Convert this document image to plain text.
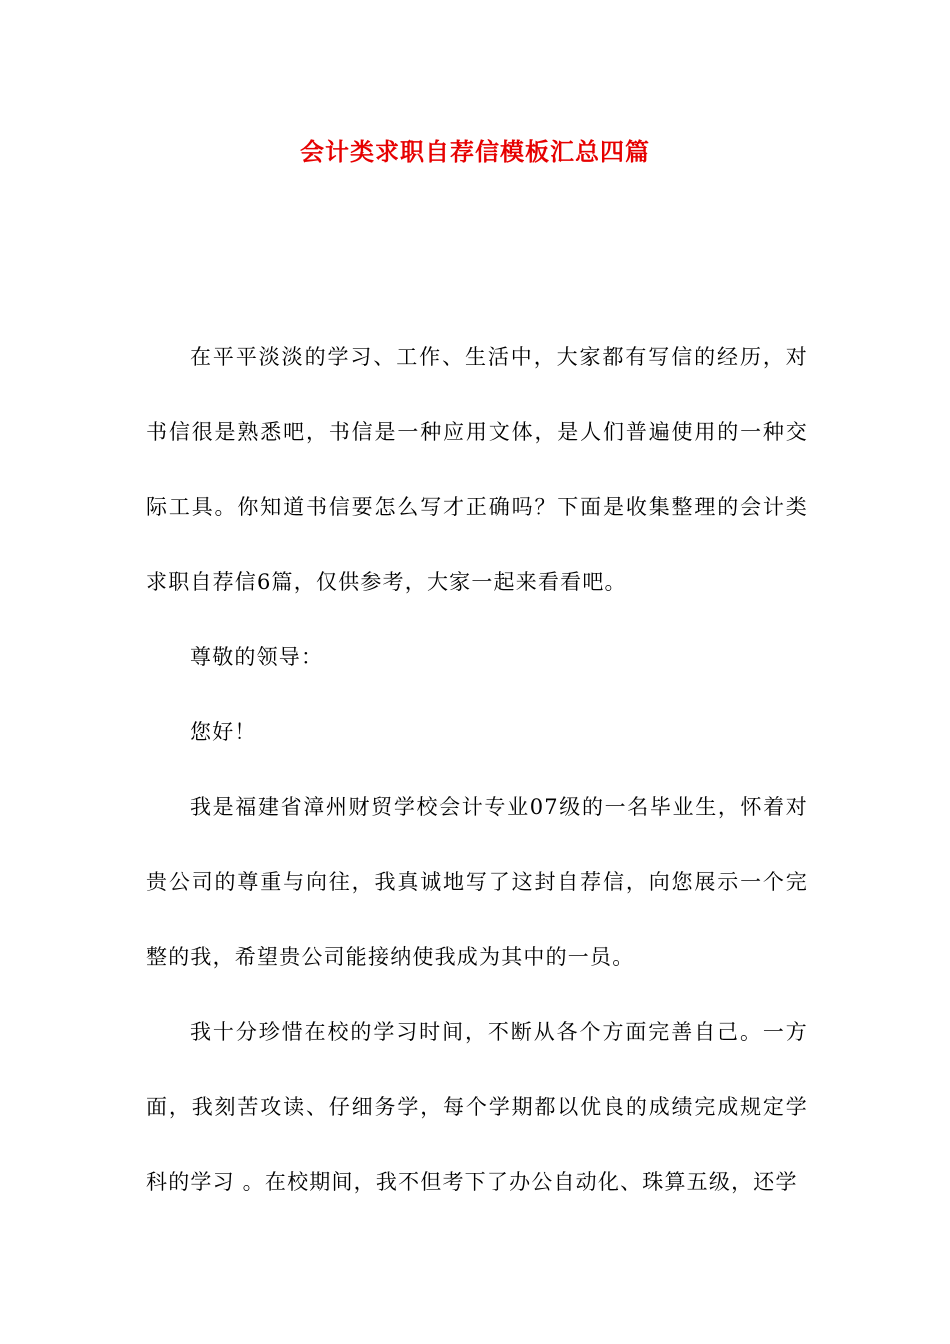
会计类求职自荐信模板汇总四篇

在平平淡淡的学习、工作、生活中，大家都有写信的经历，对书信很是熟悉吧，书信是一种应用文体，是人们普遍使用的一种交际工具。你知道书信要怎么写才正确吗？下面是收集整理的会计类求职自荐信6篇，仅供参考，大家一起来看看吧。

尊敬的领导：

您好！

我是福建省漳州财贸学校会计专业07级的一名毕业生，怀着对贵公司的尊重与向往，我真诚地写了这封自荐信，向您展示一个完整的我，希望贵公司能接纳使我成为其中的一员。

我十分珍惜在校的学习时间，不断从各个方面完善自己。一方面，我刻苦攻读、仔细务学，每个学期都以优良的成绩完成规定学科的学习 。在校期间，我不但考下了办公自动化、珠算五级，还学
